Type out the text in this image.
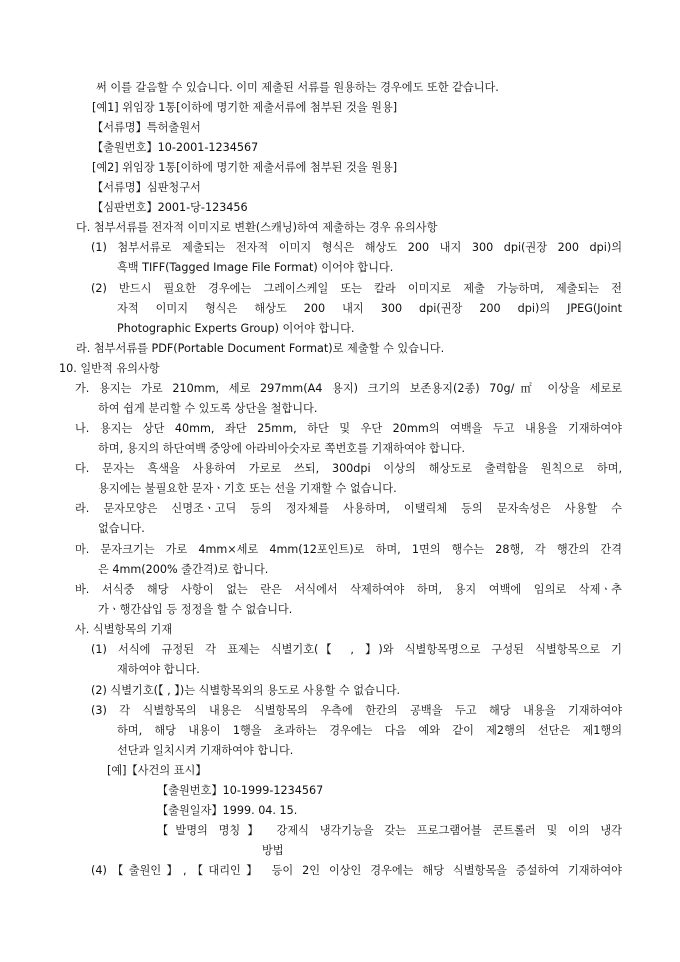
써 이를 갈음할 수 있습니다. 이미 제출된 서류를 원용하는 경우에도 또한 같습니다.
[예1] 위임장 1통[이하에 명기한 제출서류에 첨부된 것을 원용]
【서류명】특허출원서
【출원번호】10-2001-1234567
[예2] 위임장 1통[이하에 명기한 제출서류에 첨부된 것을 원용]
【서류명】심판청구서
【심판번호】2001-당-123456
다. 첨부서류를 전자적 이미지로 변환(스캐닝)하여 제출하는 경우 유의사항
(1) 첨부서류로 제출되는 전자적 이미지 형식은 해상도 200 내지 300 dpi(권장 200 dpi)의
흑백 TIFF(Tagged Image File Format) 이어야 합니다.
(2) 반드시 필요한 경우에는 그레이스케일 또는 칼라 이미지로 제출 가능하며, 제출되는 전
자적 이미지 형식은 해상도 200 내지 300 dpi(권장 200 dpi)의 JPEG(Joint
Photographic Experts Group) 이어야 합니다.
라. 첨부서류를 PDF(Portable Document Format)로 제출할 수 있습니다.
10. 일반적 유의사항
가. 용지는 가로 210mm, 세로 297mm(A4 용지) 크기의 보존용지(2종) 70g/㎡ 이상을 세로로
하여 쉽게 분리할 수 있도록 상단을 철합니다.
나. 용지는 상단 40mm, 좌단 25mm, 하단 및 우단 20mm의 여백을 두고 내용을 기재하여야
하며, 용지의 하단여백 중앙에 아라비아숫자로 쪽번호를 기재하여야 합니다.
다. 문자는 흑색을 사용하여 가로로 쓰되, 300dpi 이상의 해상도로 출력함을 원칙으로 하며,
용지에는 불필요한 문자ㆍ기호 또는 선을 기재할 수 없습니다.
라. 문자모양은 신명조ㆍ고딕 등의 정자체를 사용하며, 이탤릭체 등의 문자속성은 사용할 수
없습니다.
마. 문자크기는 가로 4mm×세로 4mm(12포인트)로 하며, 1면의 행수는 28행, 각 행간의 간격
은 4mm(200% 줄간격)로 합니다.
바. 서식중 해당 사항이 없는 란은 서식에서 삭제하여야 하며, 용지 여백에 임의로 삭제ㆍ추
가ㆍ행간삽입 등 정정을 할 수 없습니다.
사. 식별항목의 기재
(1) 서식에 규정된 각 표제는 식별기호(【 , 】)와 식별항목명으로 구성된 식별항목으로 기
재하여야 합니다.
(2) 식별기호(【 , 】)는 식별항목외의 용도로 사용할 수 없습니다.
(3) 각 식별항목의 내용은 식별항목의 우측에 한칸의 공백을 두고 해당 내용을 기재하여야
하며, 해당 내용이 1행을 초과하는 경우에는 다음 예와 같이 제2행의 선단은 제1행의
선단과 일치시켜 기재하여야 합니다.
[예]【사건의 표시】
【출원번호】10-1999-1234567
【출원일자】1999. 04. 15.
【발명의 명칭】 강제식 냉각기능을 갖는 프로그램어블 콘트롤러 및 이의 냉각
방법
(4)【출원인】,【대리인】 등이 2인 이상인 경우에는 해당 식별항목을 증설하여 기재하여야
